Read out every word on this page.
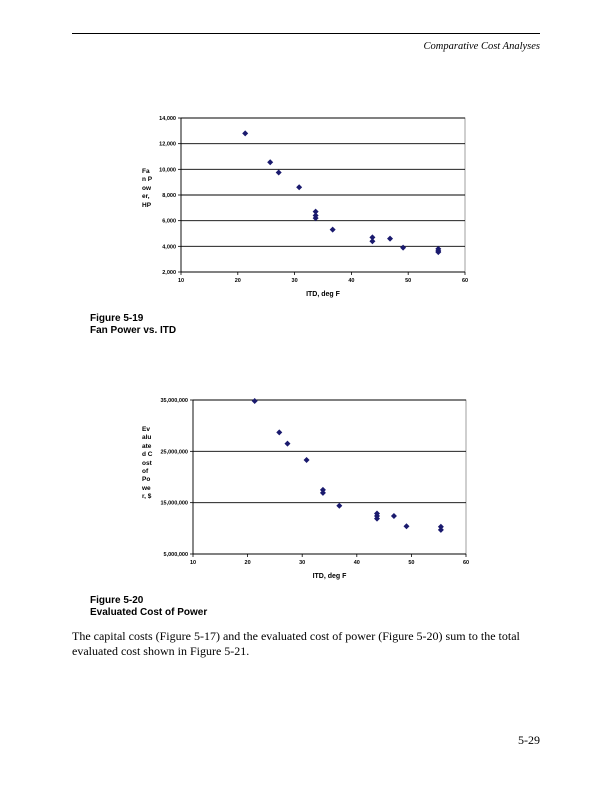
Comparative Cost Analyses
2,000
4,000
6,000
8,000
10,000
12,000
14,000
10	20	30	40	50	60
ITD, deg F
Fan Power, HP
Figure 5-19
Fan Power vs. ITD
5,000,000
15,000,000
25,000,000
35,000,000
10	20	30	40	50	60
ITD, deg F
Evaluated Cost of Power, $
Figure 5-20
Evaluated Cost of Power
The capital costs (Figure 5-17) and the evaluated cost of power (Figure 5-20) sum to the total evaluated cost shown in Figure 5-21.
5-29
